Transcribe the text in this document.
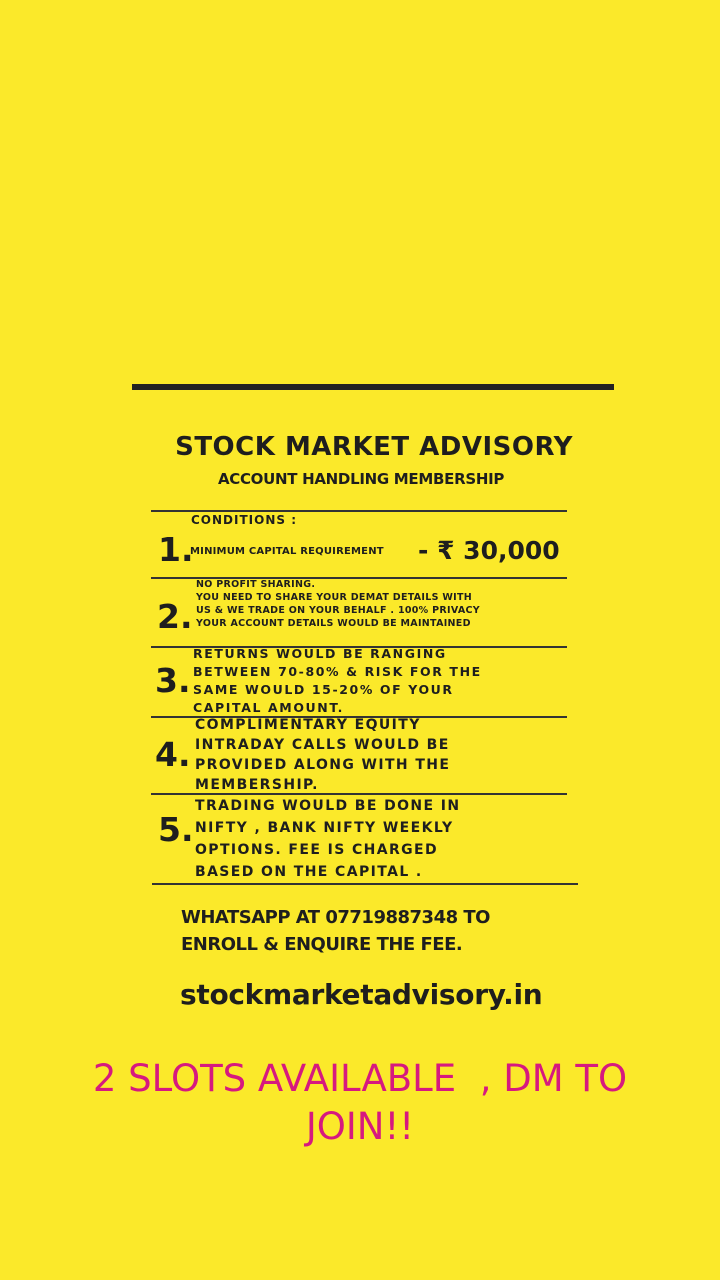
STOCK MARKET ADVISORY
ACCOUNT HANDLING MEMBERSHIP
CONDITIONS :
1.
MINIMUM CAPITAL REQUIREMENT - ₹ 30,000
2.
NO PROFIT SHARING.
YOU NEED TO SHARE YOUR DEMAT DETAILS WITH
US & WE TRADE ON YOUR BEHALF . 100% PRIVACY
YOUR ACCOUNT DETAILS WOULD BE MAINTAINED
3.
RETURNS WOULD BE RANGING
BETWEEN 70-80% & RISK FOR THE
SAME WOULD 15-20% OF YOUR
CAPITAL AMOUNT.
4.
COMPLIMENTARY EQUITY
INTRADAY CALLS WOULD BE
PROVIDED ALONG WITH THE
MEMBERSHIP.
5.
TRADING WOULD BE DONE IN
NIFTY , BANK NIFTY WEEKLY
OPTIONS. FEE IS CHARGED
BASED ON THE CAPITAL .
WHATSAPP AT 07719887348 TO
ENROLL & ENQUIRE THE FEE.
stockmarketadvisory.in
2 SLOTS AVAILABLE  , DM TO
JOIN!!
